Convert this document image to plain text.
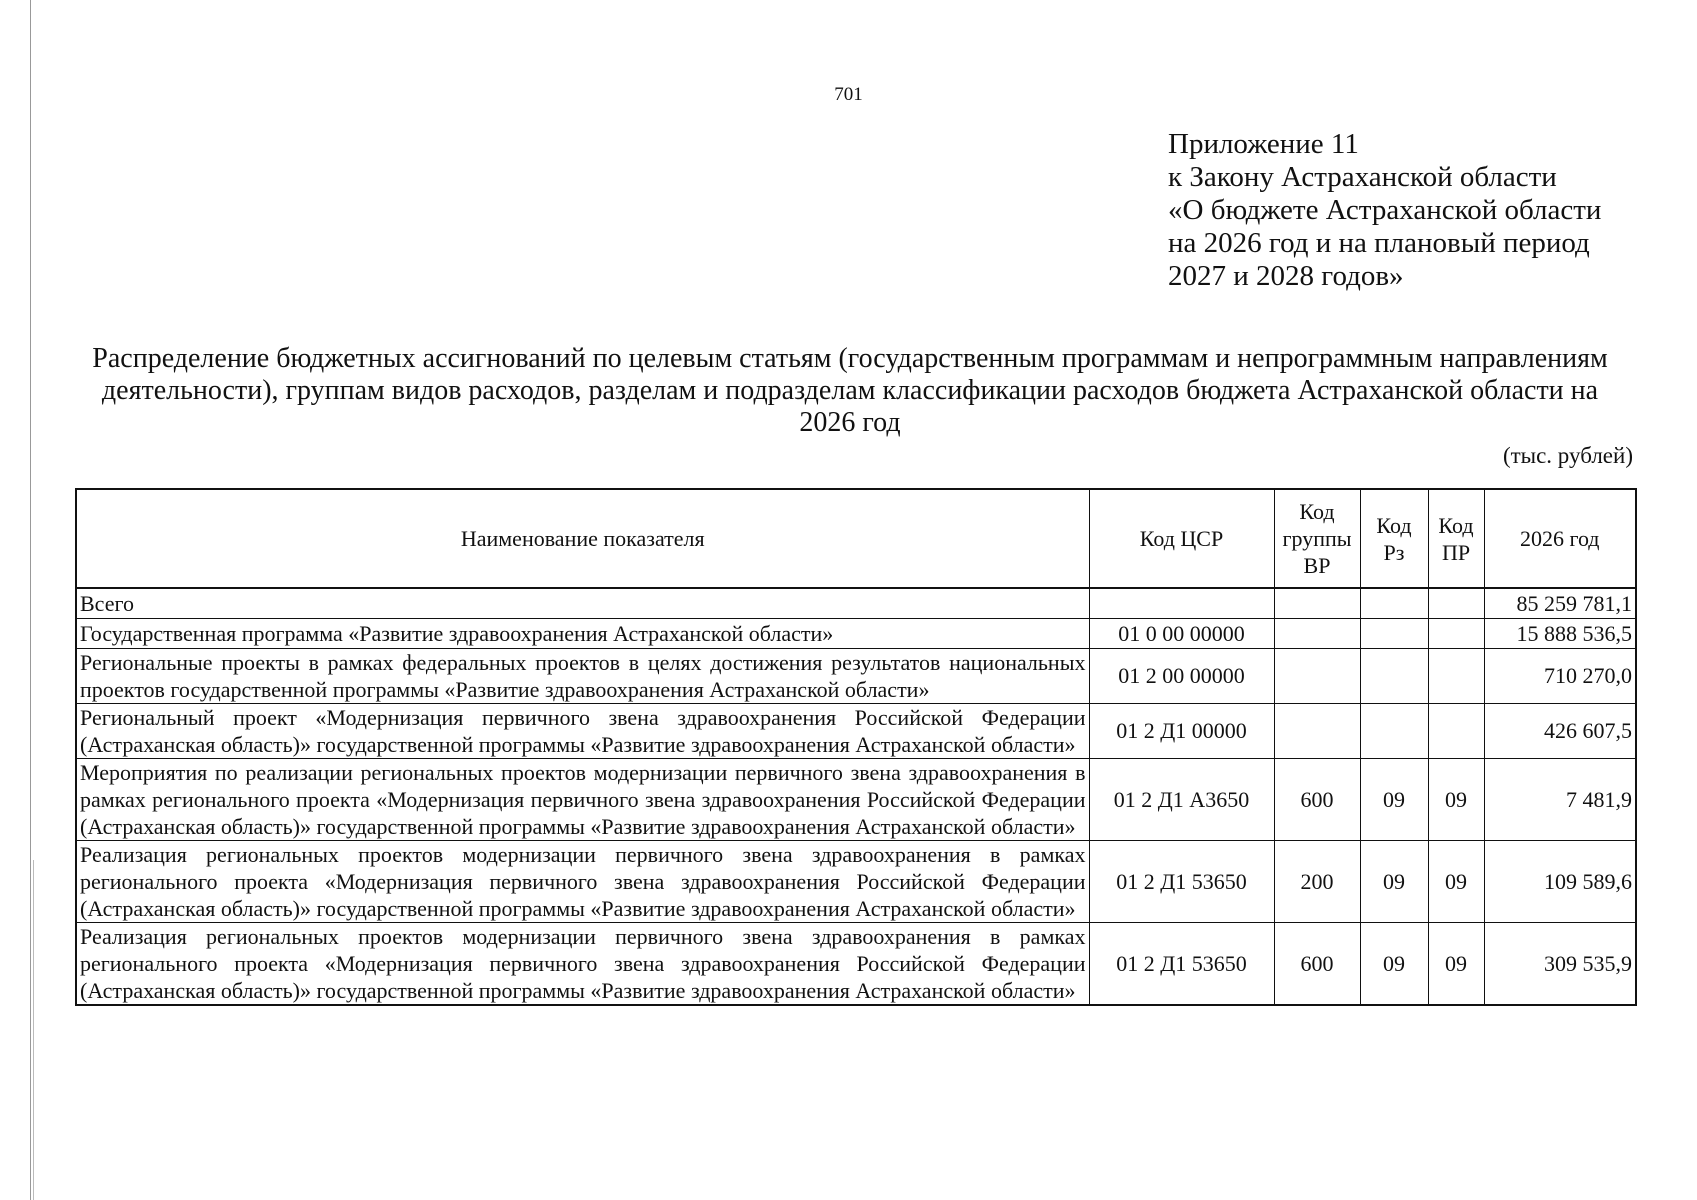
701
Приложение 11
к Закону Астраханской области
«О бюджете Астраханской области
на 2026 год и на плановый период
2027 и 2028 годов»
Распределение бюджетных ассигнований по целевым статьям (государственным программам и непрограммным направлениям
деятельности), группам видов расходов, разделам и подразделам классификации расходов бюджета Астраханской области на
2026 год
(тыс. рублей)
Наименование показателя	Код ЦСР	Код группы ВР	Код Рз	Код ПР	2026 год
Всего					85 259 781,1
Государственная программа «Развитие здравоохранения Астраханской области»	01 0 00 00000				15 888 536,5
Региональные проекты в рамках федеральных проектов в целях достижения результатов национальных проектов государственной программы «Развитие здравоохранения Астраханской области»	01 2 00 00000				710 270,0
Региональный проект «Модернизация первичного звена здравоохранения Российской Федерации (Астраханская область)» государственной программы «Развитие здравоохранения Астраханской области»	01 2 Д1 00000				426 607,5
Мероприятия по реализации региональных проектов модернизации первичного звена здравоохранения в рамках регионального проекта «Модернизация первичного звена здравоохранения Российской Федерации (Астраханская область)» государственной программы «Развитие здравоохранения Астраханской области»	01 2 Д1 А3650	600	09	09	7 481,9
Реализация региональных проектов модернизации первичного звена здравоохранения в рамках регионального проекта «Модернизация первичного звена здравоохранения Российской Федерации (Астраханская область)» государственной программы «Развитие здравоохранения Астраханской области»	01 2 Д1 53650	200	09	09	109 589,6
Реализация региональных проектов модернизации первичного звена здравоохранения в рамках регионального проекта «Модернизация первичного звена здравоохранения Российской Федерации (Астраханская область)» государственной программы «Развитие здравоохранения Астраханской области»	01 2 Д1 53650	600	09	09	309 535,9
